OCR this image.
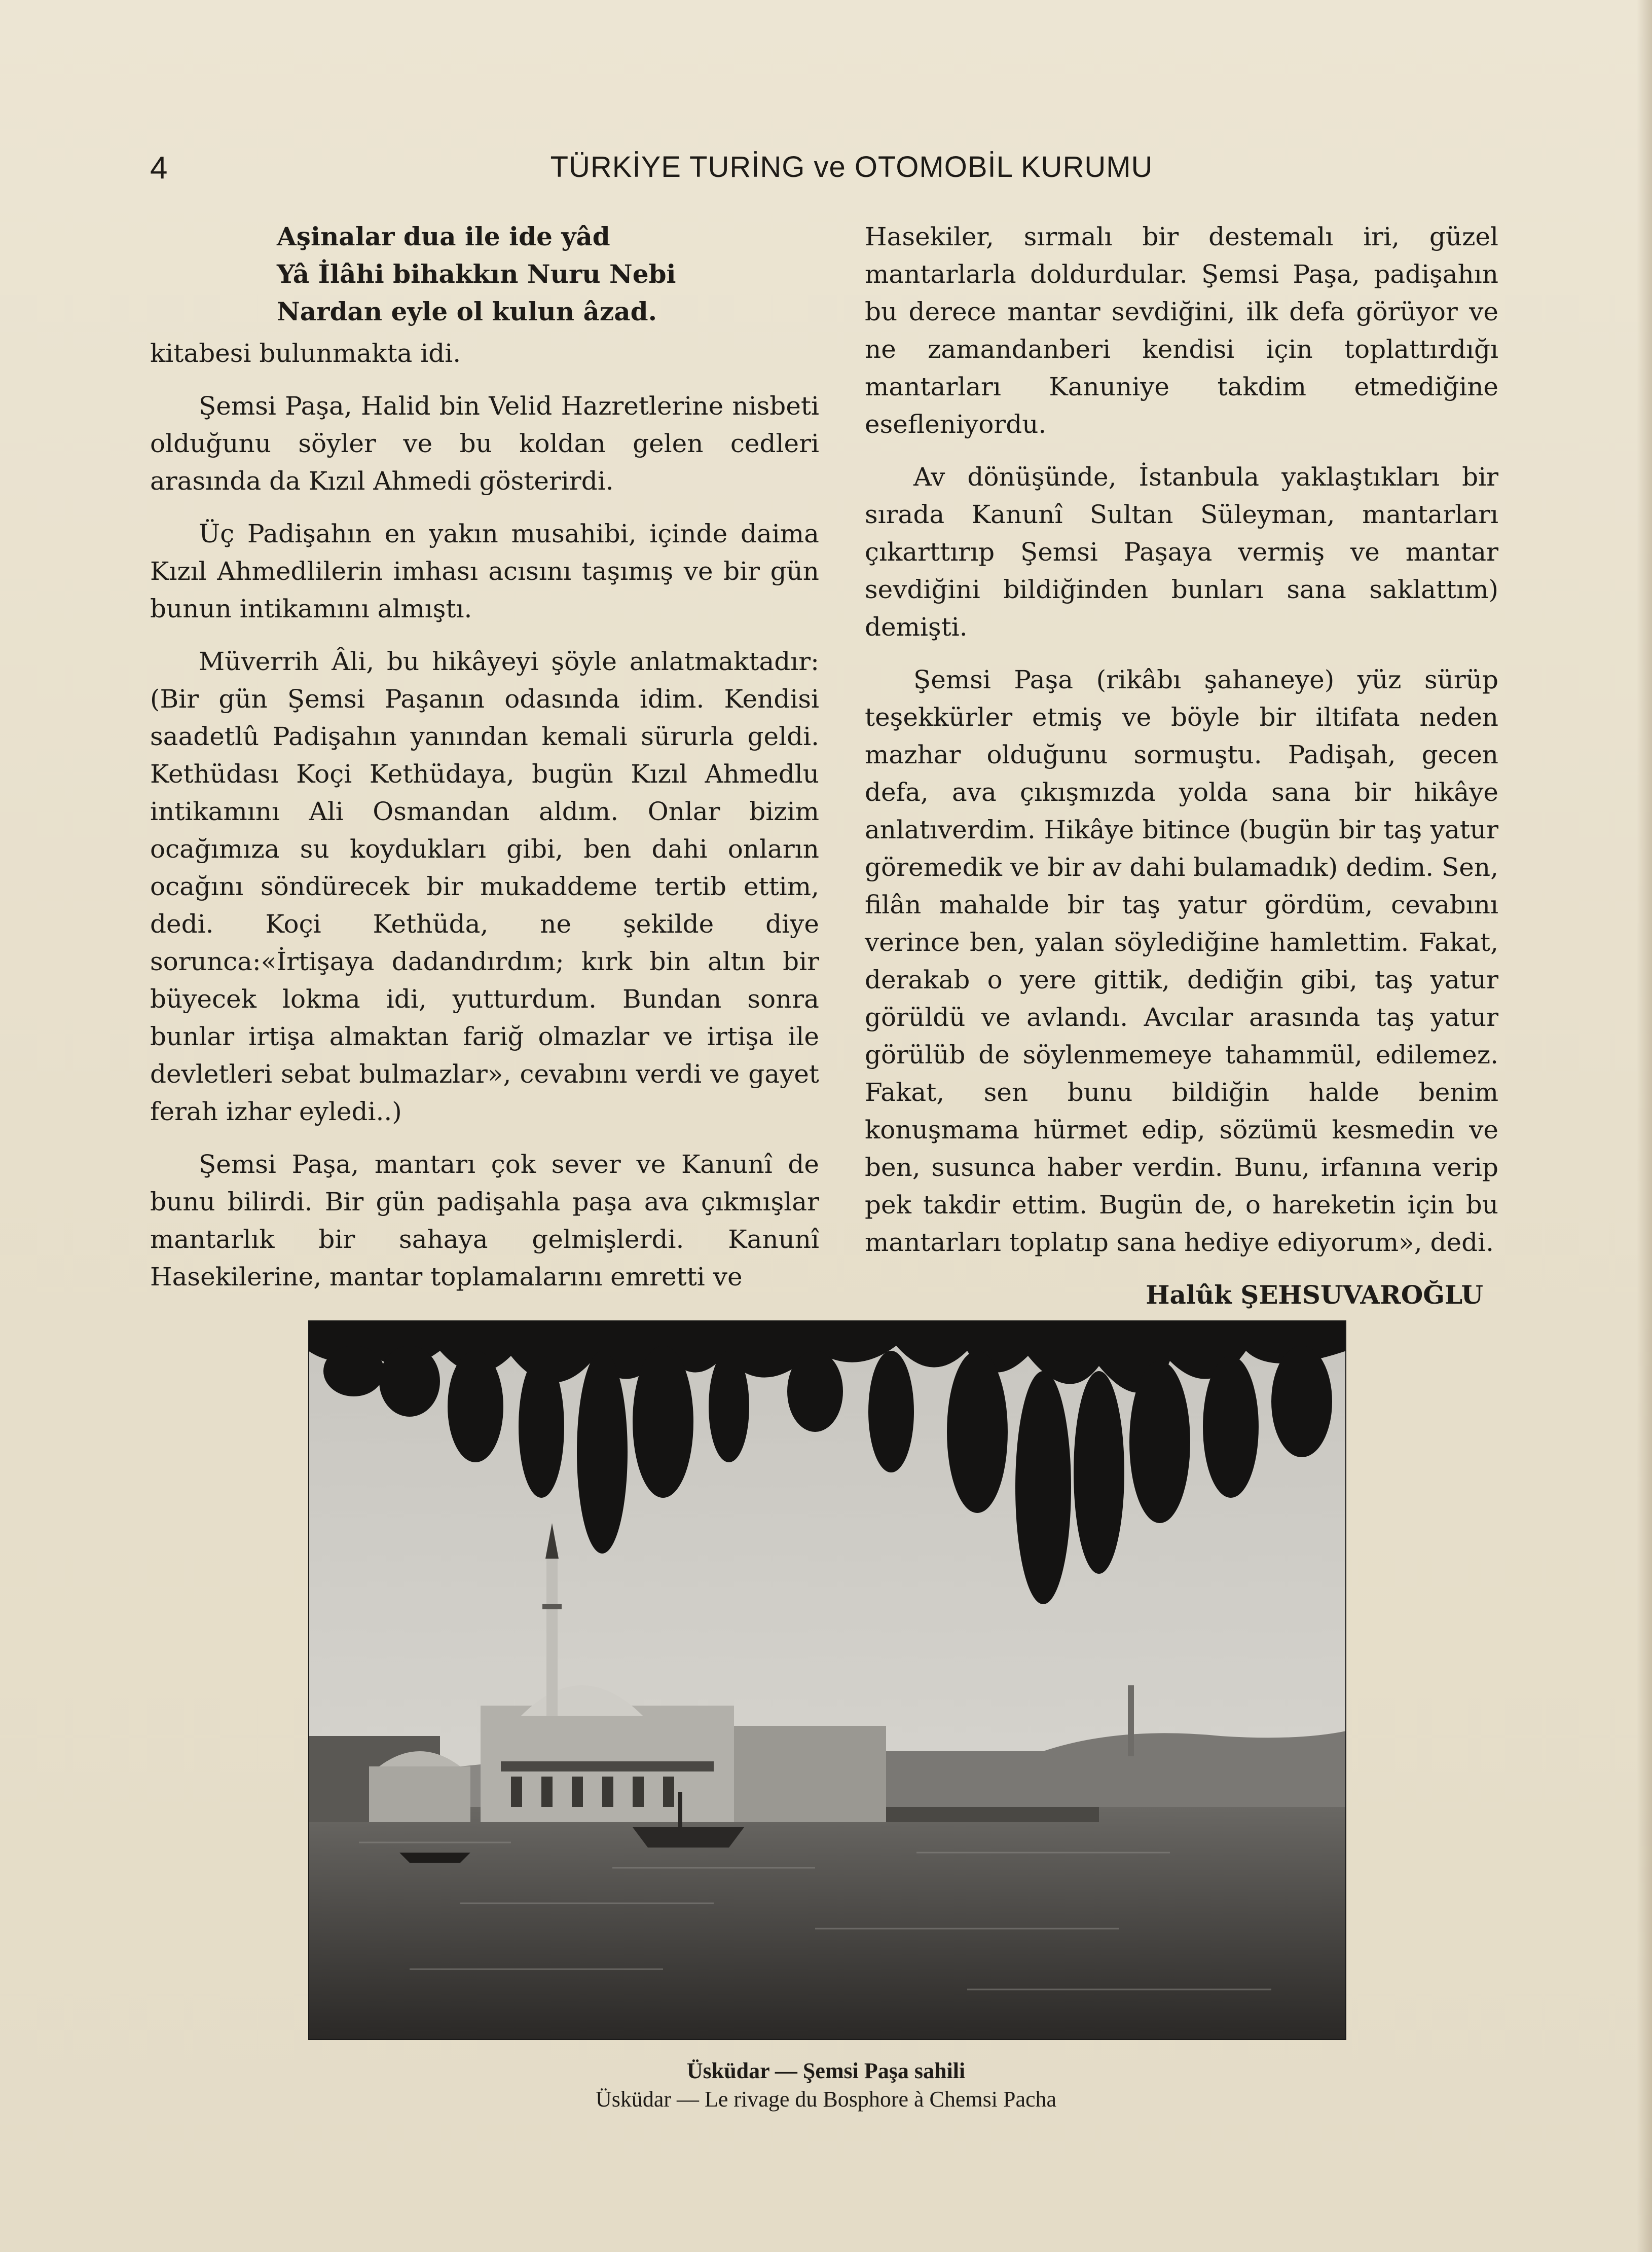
4	TÜRKİYE TURİNG ve OTOMOBİL KURUMU
Aşinalar dua ile ide yâd
Yâ İlâhi bihakkın Nuru Nebi
Nardan eyle ol kulun âzad.

kitabesi bulunmakta idi.

Şemsi Paşa, Halid bin Velid Hazretlerine nisbeti olduğunu söyler ve bu koldan gelen cedleri arasında da Kızıl Ahmedi gösterirdi.

Üç Padişahın en yakın musahibi, içinde daima Kızıl Ahmedlilerin imhası acısını taşımış ve bir gün bunun intikamını almıştı.

Müverrih Âli, bu hikâyeyi şöyle anlatmaktadır: (Bir gün Şemsi Paşanın odasında idim. Kendisi saadetlû Padişahın yanından kemali sürurla geldi. Kethüdası Koçi Kethüdaya, bugün Kızıl Ahmedlu intikamını Ali Osmandan aldım. Onlar bizim ocağımıza su koydukları gibi, ben dahi onların ocağını söndürecek bir mukaddeme tertib ettim, dedi. Koçi Kethüda, ne şekilde diye sorunca:«İrtişaya dadandırdım; kırk bin altın bir büyecek lokma idi, yutturdum. Bundan sonra bunlar irtişa almaktan fariğ olmazlar ve irtişa ile devletleri sebat bulmazlar», cevabını verdi ve gayet ferah izhar eyledi..)

Şemsi Paşa, mantarı çok sever ve Kanunî de bunu bilirdi. Bir gün padişahla paşa ava çıkmışlar mantarlık bir sahaya gelmişlerdi. Kanunî Hasekilerine, mantar toplamalarını emretti ve

Hasekiler, sırmalı bir destemalı iri, güzel mantarlarla doldurdular. Şemsi Paşa, padişahın bu derece mantar sevdiğini, ilk defa görüyor ve ne zamandanberi kendisi için toplattırdığı mantarları Kanuniye takdim etmediğine esefleniyordu.

Av dönüşünde, İstanbula yaklaştıkları bir sırada Kanunî Sultan Süleyman, mantarları çıkarttırıp Şemsi Paşaya vermiş ve mantar sevdiğini bildiğinden bunları sana saklattım) demişti.

Şemsi Paşa (rikâbı şahaneye) yüz sürüp teşekkürler etmiş ve böyle bir iltifata neden mazhar olduğunu sormuştu. Padişah, gecen defa, ava çıkışmızda yolda sana bir hikâye anlatıverdim. Hikâye bitince (bugün bir taş yatur göremedik ve bir av dahi bulamadık) dedim. Sen, filân mahalde bir taş yatur gördüm, cevabını verince ben, yalan söylediğine hamlettim. Fakat, derakab o yere gittik, dediğin gibi, taş yatur görüldü ve avlandı. Avcılar arasında taş yatur görülüb de söylenmemeye tahammül, edilemez. Fakat, sen bunu bildiğin halde benim konuşmama hürmet edip, sözümü kesmedin ve ben, susunca haber verdin. Bunu, irfanına verip pek takdir ettim. Bugün de, o hareketin için bu mantarları toplatıp sana hediye ediyorum», dedi.

Halûk ŞEHSUVAROĞLU
Üsküdar — Şemsi Paşa sahili
Üsküdar — Le rivage du Bosphore à Chemsi Pacha
